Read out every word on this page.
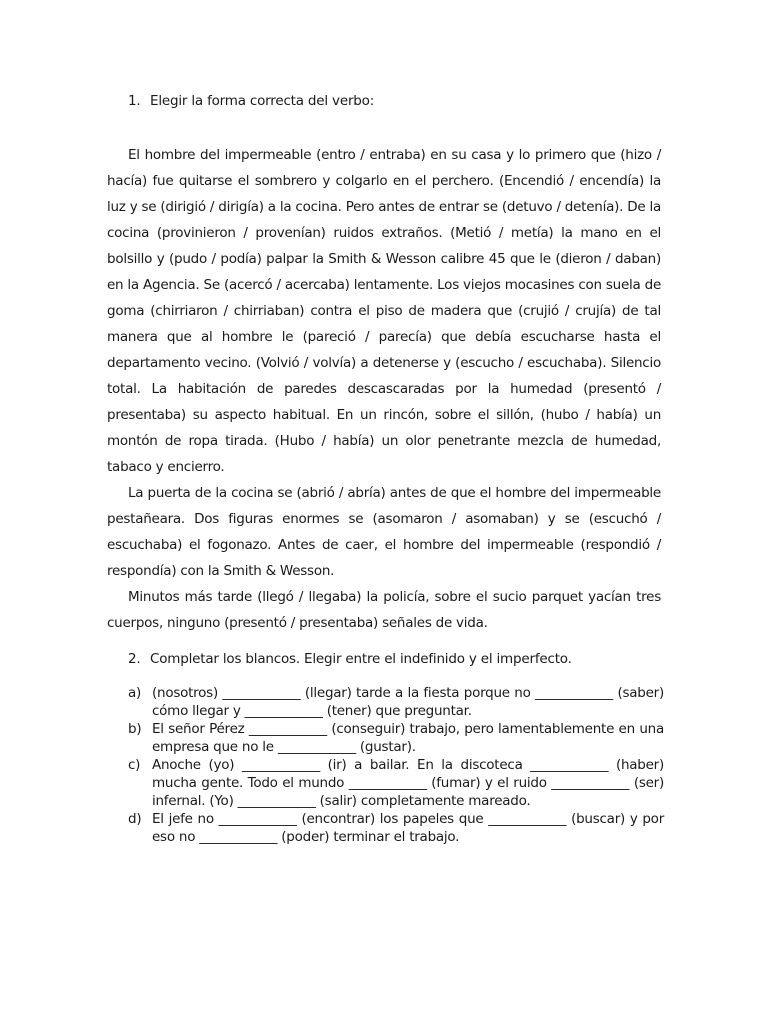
1. Elegir la forma correcta del verbo:

El hombre del impermeable (entro / entraba) en su casa y lo primero que (hizo / hacía) fue quitarse el sombrero y colgarlo en el perchero. (Encendió / encendía) la luz y se (dirigió / dirigía) a la cocina. Pero antes de entrar se (detuvo / detenía). De la cocina (provinieron / provenían) ruidos extraños. (Metió / metía) la mano en el bolsillo y (pudo / podía) palpar la Smith & Wesson calibre 45 que le (dieron / daban) en la Agencia. Se (acercó / acercaba) lentamente. Los viejos mocasines con suela de goma (chirriaron / chirriaban) contra el piso de madera que (crujió / crujía) de tal manera que al hombre le (pareció / parecía) que debía escucharse hasta el departamento vecino. (Volvió / volvía) a detenerse y (escucho / escuchaba). Silencio total. La habitación de paredes descascaradas por la humedad (presentó / presentaba) su aspecto habitual. En un rincón, sobre el sillón, (hubo / había) un montón de ropa tirada. (Hubo / había) un olor penetrante mezcla de humedad, tabaco y encierro.

La puerta de la cocina se (abrió / abría) antes de que el hombre del impermeable pestañeara. Dos figuras enormes se (asomaron / asomaban) y se (escuchó / escuchaba) el fogonazo. Antes de caer, el hombre del impermeable (respondió / respondía) con la Smith & Wesson.

Minutos más tarde (llegó / llegaba) la policía, sobre el sucio parquet yacían tres cuerpos, ninguno (presentó / presentaba) señales de vida.

2. Completar los blancos. Elegir entre el indefinido y el imperfecto.
a) (nosotros) ____________ (llegar) tarde a la fiesta porque no ____________ (saber) cómo llegar y ____________ (tener) que preguntar.
b) El señor Pérez ____________ (conseguir) trabajo, pero lamentablemente en una empresa que no le ____________ (gustar).
c) Anoche (yo) ____________ (ir) a bailar. En la discoteca ____________ (haber) mucha gente. Todo el mundo ____________ (fumar) y el ruido ____________ (ser) infernal. (Yo) ____________ (salir) completamente mareado.
d) El jefe no ____________ (encontrar) los papeles que ____________ (buscar) y por eso no ____________ (poder) terminar el trabajo.
